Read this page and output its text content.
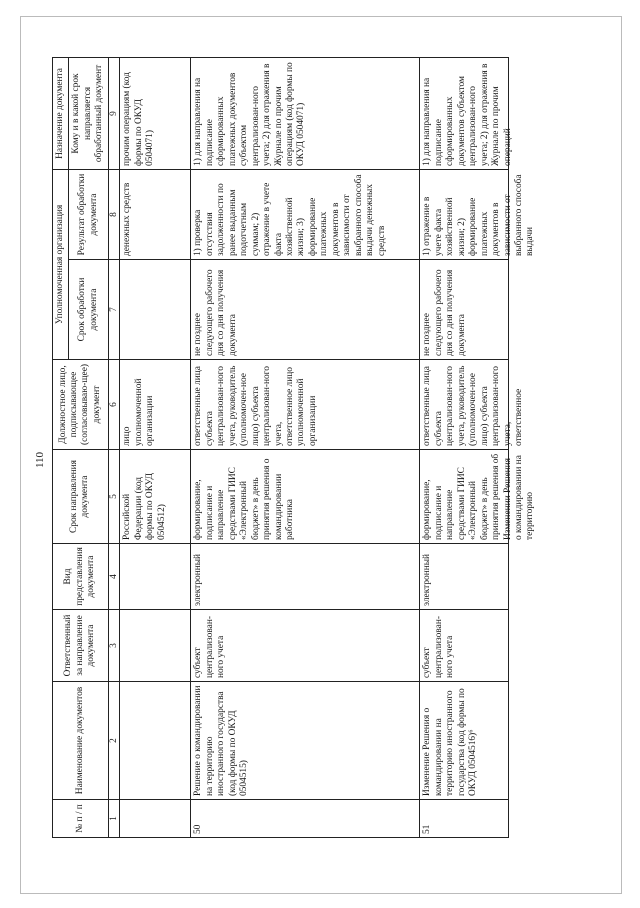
110
№ п / п	Наименование документов	Ответственный за направление документа	Вид представления документа	Срок направления документа	Должностное лицо, подписывающее (согласовываю-щее) документ	Уполномоченная организация		Назначение документа
						Срок обработки документа	Результат обработки документа	Кому и в какой срок направляется обработанный документ
1	2	3	4	5	6	7	8	9

				Российской Федерации (код формы по ОКУД 0504512)	лицо уполномоченной организации		денежных средств	прочим операциям (код формы по ОКУД 0504071)

50	Решение о командировании на территорию иностранного государства (код формы по ОКУД 0504515)	субъект централизован-ного учета	электронный	формирование, подписание и направление средствами ГИИС «Электронный бюджет» в день принятия решения о командировании работника	ответственные лица субъекта централизован-ного учета, руководитель (уполномочен-ное лицо) субъекта централизован-ного учета, ответственное лицо уполномоченной организации	не позднее следующего рабочего дня со дня получения документа	1) проверка отсутствия задолженности по ранее выданным подотчетным суммам; 2) отражение в учете факта хозяйственной жизни; 3) формирование платежных документов в зависимости от выбранного способа выдачи денежных средств	1) для направления на подписание сформированных платежных документов субъектом централизован-ного учета; 2) для отражения в Журнале по прочим операциям (код формы по ОКУД 0504071)

51	Изменение Решения о командировании на территорию иностранного государства (код формы по ОКУД 0504516)⁶	субъект централизован-ного учета	электронный	формирование, подписание и направление средствами ГИИС «Электронный бюджет» в день принятия решения об Изменении Решения о командировании на территорию	ответственные лица субъекта централизован-ного учета, руководитель (уполномочен-ное лицо) субъекта централизован-ного учета, ответственное	не позднее следующего рабочего дня со дня получения документа	1) отражение в учете факта хозяйственной жизни; 2) формирование платежных документов в зависимости от выбранного способа выдачи	1) для направления на подписание сформированных документов субъектом централизован-ного учета; 2) для отражения в Журнале по прочим операций
